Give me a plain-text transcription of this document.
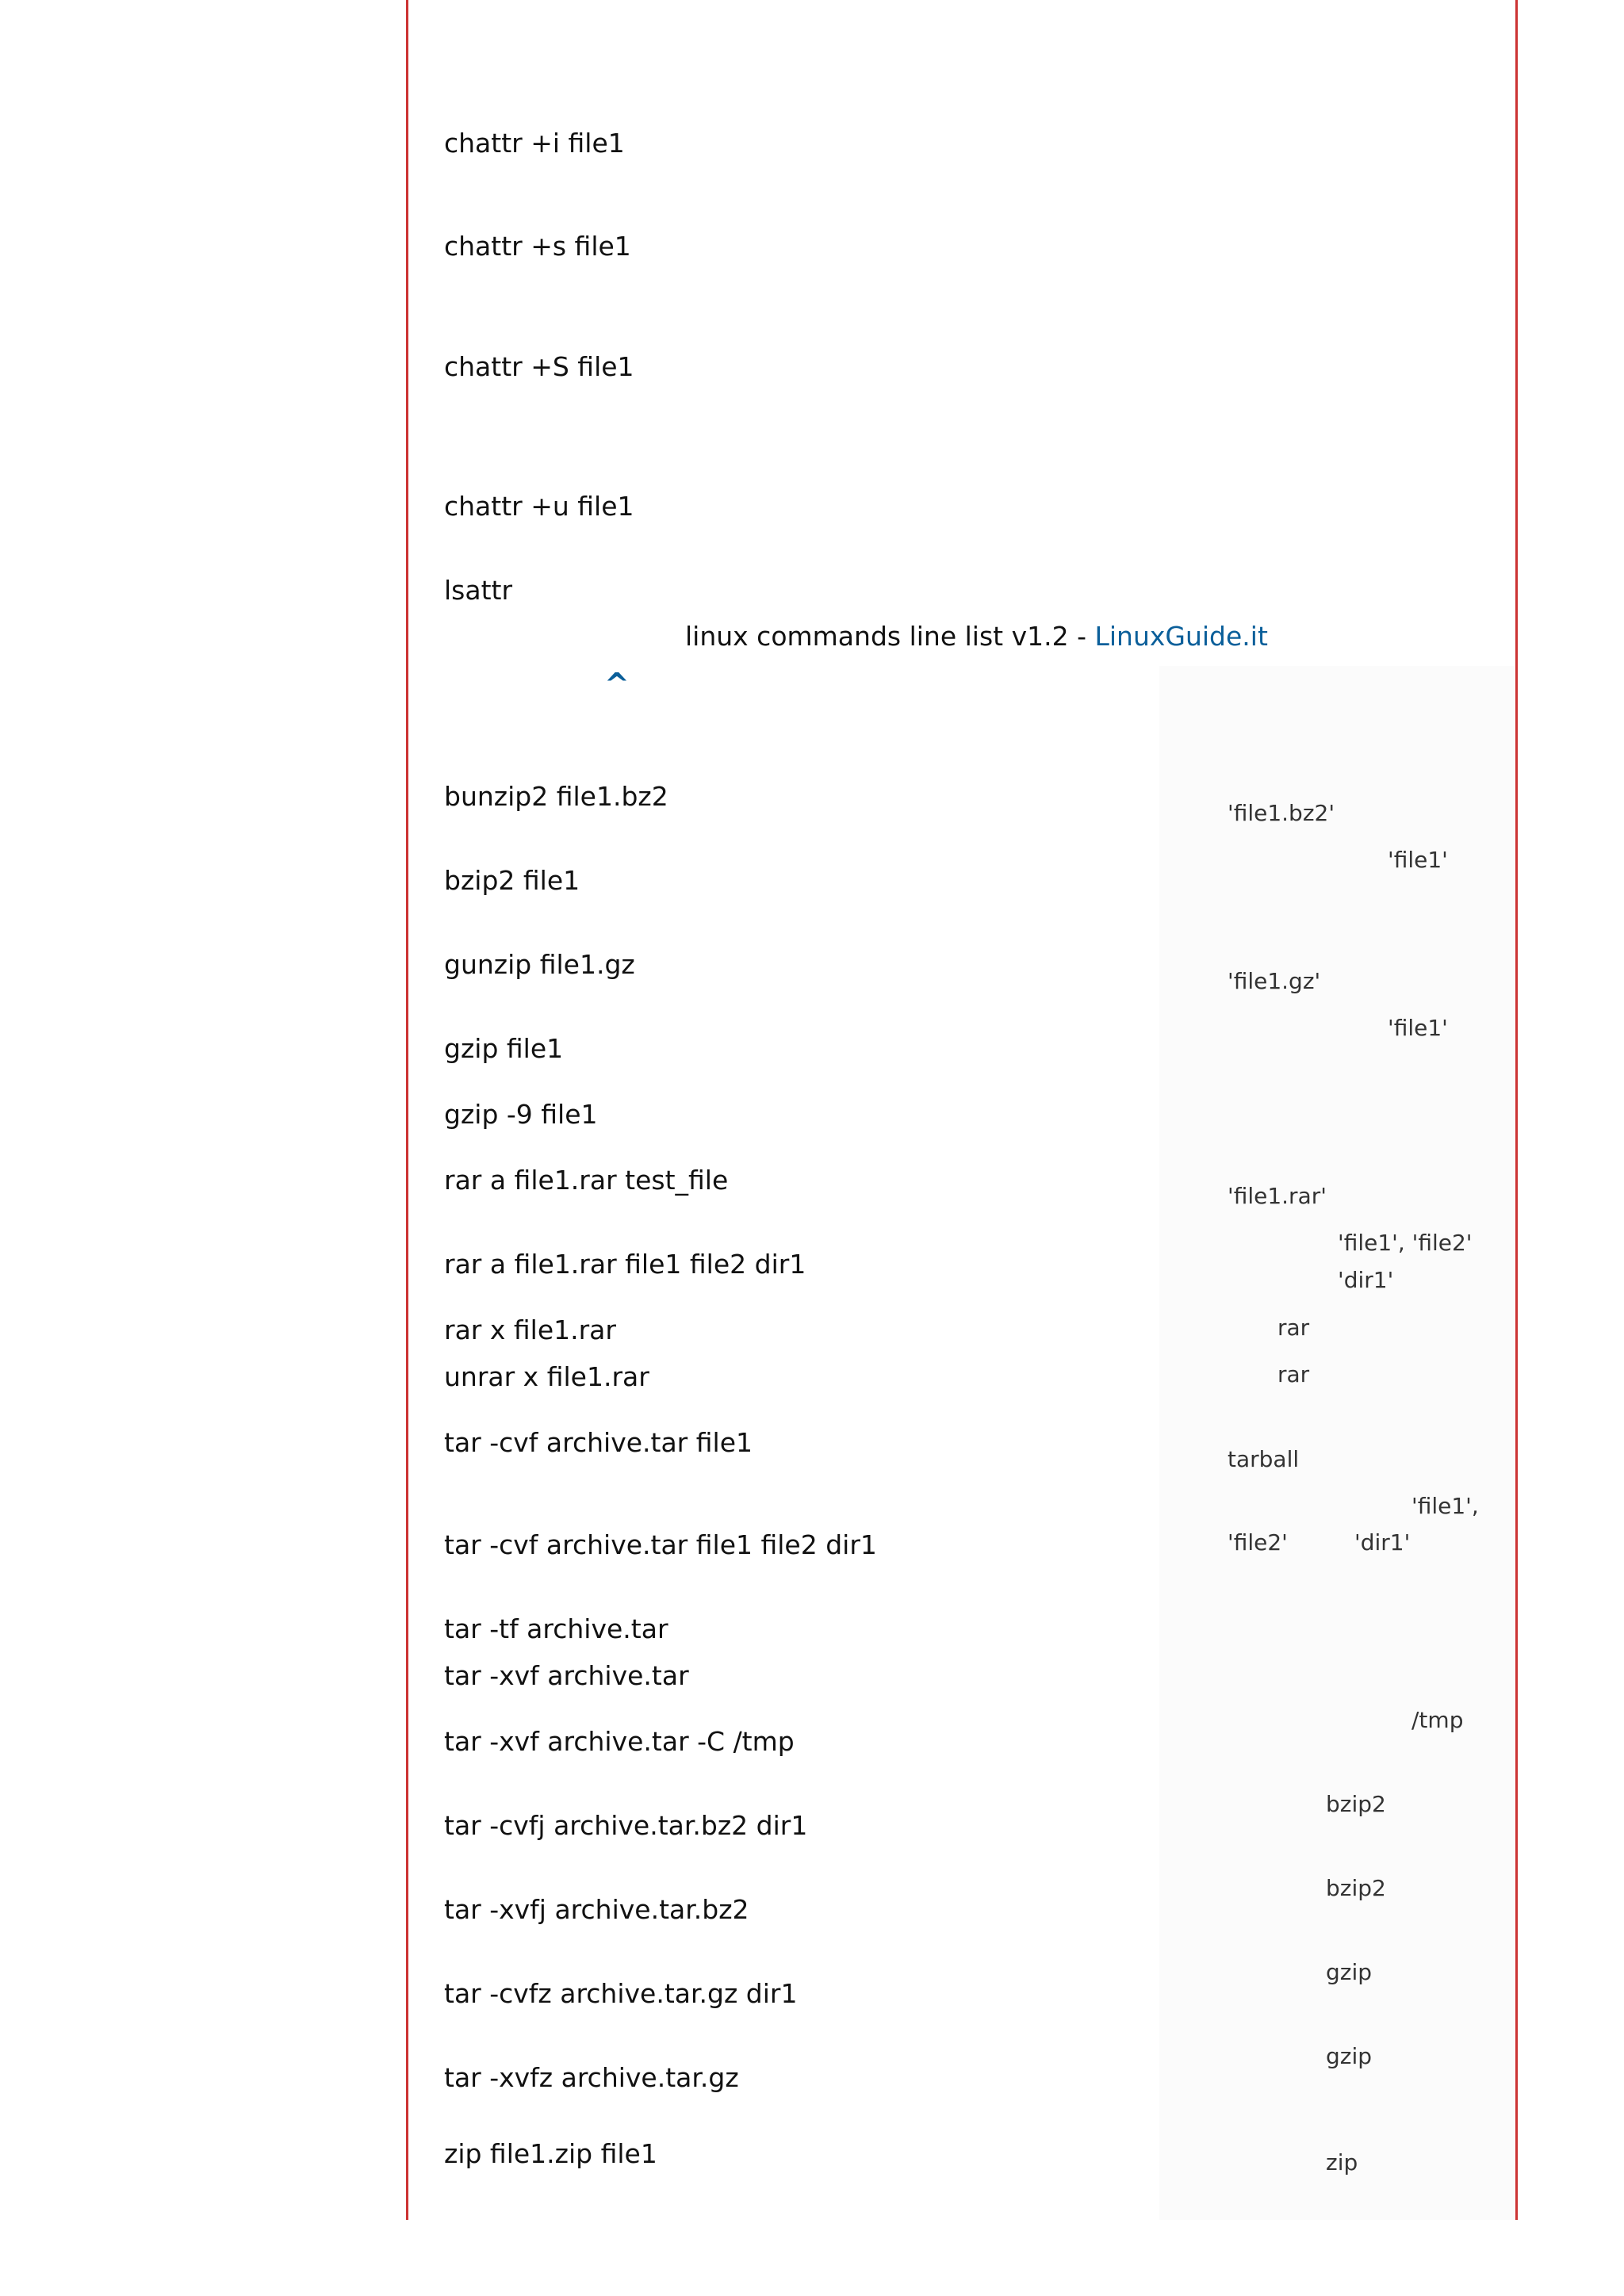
chattr +i file1
chattr +s file1
chattr +S file1
chattr +u file1
lsattr
linux commands line list v1.2 - LinuxGuide.it
^
bunzip2 file1.bz2
bzip2 file1
gunzip file1.gz
gzip file1
gzip -9 file1
rar a file1.rar test_file
rar a file1.rar file1 file2 dir1
rar x file1.rar
unrar x file1.rar
tar -cvf archive.tar file1
tar -cvf archive.tar file1 file2 dir1
tar -tf archive.tar
tar -xvf archive.tar
tar -xvf archive.tar -C /tmp
tar -cvfj archive.tar.bz2 dir1
tar -xvfj archive.tar.bz2
tar -cvfz archive.tar.gz dir1
tar -xvfz archive.tar.gz
zip file1.zip file1
'file1.bz2'
'file1'
'file1.gz'
'file1'
'file1.rar'
'file1', 'file2'
'dir1'
rar
rar
tarball
'file1',
'file2'	'dir1'
/tmp
bzip2
bzip2
gzip
gzip
zip
